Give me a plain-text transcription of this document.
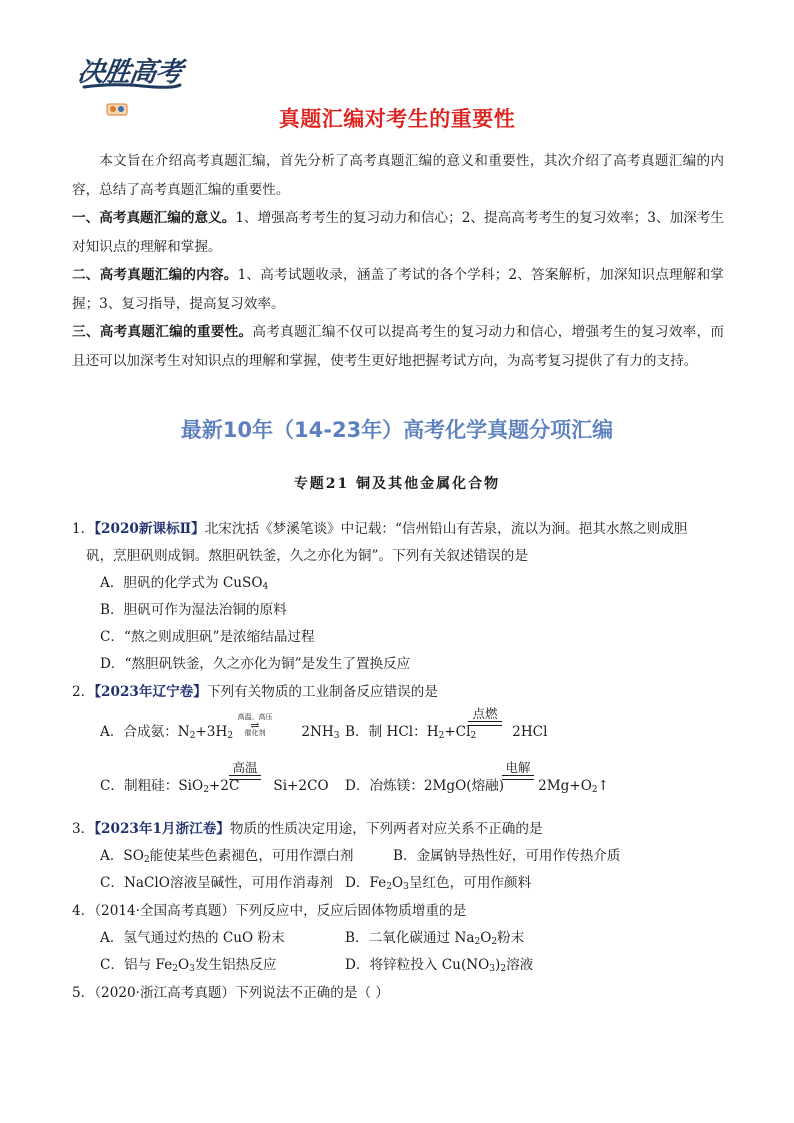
决胜高考
真题汇编对考生的重要性
本文旨在介绍高考真题汇编，首先分析了高考真题汇编的意义和重要性，其次介绍了高考真题汇编的内容，总结了高考真题汇编的重要性。
一、高考真题汇编的意义。1、增强高考考生的复习动力和信心；2、提高高考考生的复习效率；3、加深考生对知识点的理解和掌握。
二、高考真题汇编的内容。1、高考试题收录，涵盖了考试的各个学科；2、答案解析，加深知识点理解和掌握；3、复习指导，提高复习效率。
三、高考真题汇编的重要性。高考真题汇编不仅可以提高考生的复习动力和信心，增强考生的复习效率，而且还可以加深考生对知识点的理解和掌握，使考生更好地把握考试方向，为高考复习提供了有力的支持。
最新10年（14-23年）高考化学真题分项汇编
专题21 铜及其他金属化合物
1．【2020新课标Ⅱ】北宋沈括《梦溪笔谈》中记载：“信州铅山有苦泉，流以为涧。挹其水熬之则成胆
矾，烹胆矾则成铜。熬胆矾铁釜，久之亦化为铜”。下列有关叙述错误的是
A．胆矾的化学式为 CuSO$_4$
B．胆矾可作为湿法冶铜的原料
C．“熬之则成胆矾”是浓缩结晶过程
D．“熬胆矾铁釜，久之亦化为铜”是发生了置换反应
2．【2023年辽宁卷】下列有关物质的工业制备反应错误的是
A．合成氨：$N_2+3H_2$	$2NH_3$
高温、高压
⇌
催化剂	B．制 HCl：$H_2+Cl_2$	2HCl
点燃
C．制粗硅：SiO$_2$+2C	Si+2CO
高温
D．冶炼镁：2MgO(熔融)	$2Mg+O_2↑$
电解
3．【2023年1月浙江卷】物质的性质决定用途，下列两者对应关系不正确的是
A．$SO_2$能使某些色素褪色，可用作漂白剂	B．金属钠导热性好，可用作传热介质
C．NaClO溶液呈碱性，可用作消毒剂 D．$Fe_2O_3$呈红色，可用作颜料
4．（2014·全国高考真题）下列反应中，反应后固体物质增重的是
A．氢气通过灼热的 CuO 粉末	B．二氧化碳通过 $Na_2O_2$粉末
C．铝与 $Fe_2O_3$发生铝热反应	D．将锌粒投入 $Cu(NO_3)_2$溶液
5．（2020·浙江高考真题）下列说法不正确的是（ ）
